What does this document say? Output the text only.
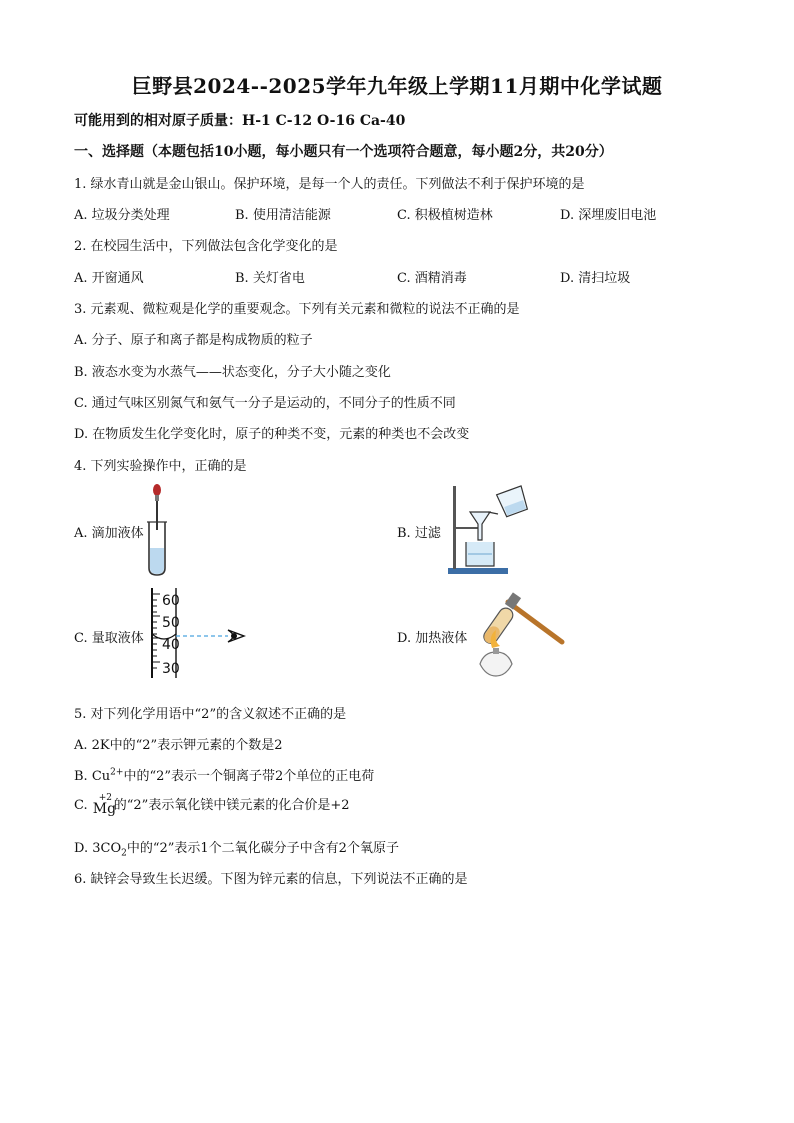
巨野县2024--2025学年九年级上学期11月期中化学试题
可能用到的相对原子质量：H-1 C-12 O-16 Ca-40
一、选择题（本题包括10小题，每小题只有一个选项符合题意，每小题2分，共20分）
1. 绿水青山就是金山银山。保护环境，是每一个人的责任。下列做法不利于保护环境的是
A. 垃圾分类处理	B. 使用清洁能源	C. 积极植树造林	D. 深埋废旧电池
2. 在校园生活中，下列做法包含化学变化的是
A. 开窗通风	B. 关灯省电	C. 酒精消毒	D. 清扫垃圾
3. 元素观、微粒观是化学的重要观念。下列有关元素和微粒的说法不正确的是
A. 分子、原子和离子都是构成物质的粒子
B. 液态水变为水蒸气——状态变化，分子大小随之变化
C. 通过气味区别氮气和氨气一分子是运动的，不同分子的性质不同
D. 在物质发生化学变化时，原子的种类不变，元素的种类也不会改变
4. 下列实验操作中，正确的是
A. 滴加液体	B. 过滤
C. 量取液体	D. 加热液体
60
50
40
30
5. 对下列化学用语中“2”的含义叙述不正确的是
A. 2K中的“2”表示钾元素的个数是2
B. $Cu^{2+}$中的“2”表示一个铜离子带2个单位的正电荷
C.
+2
Mg
的“2”表示氧化镁中镁元素的化合价是+2
D. $3CO_2$中的“2”表示1个二氧化碳分子中含有2个氧原子
6. 缺锌会导致生长迟缓。下图为锌元素的信息，下列说法不正确的是
